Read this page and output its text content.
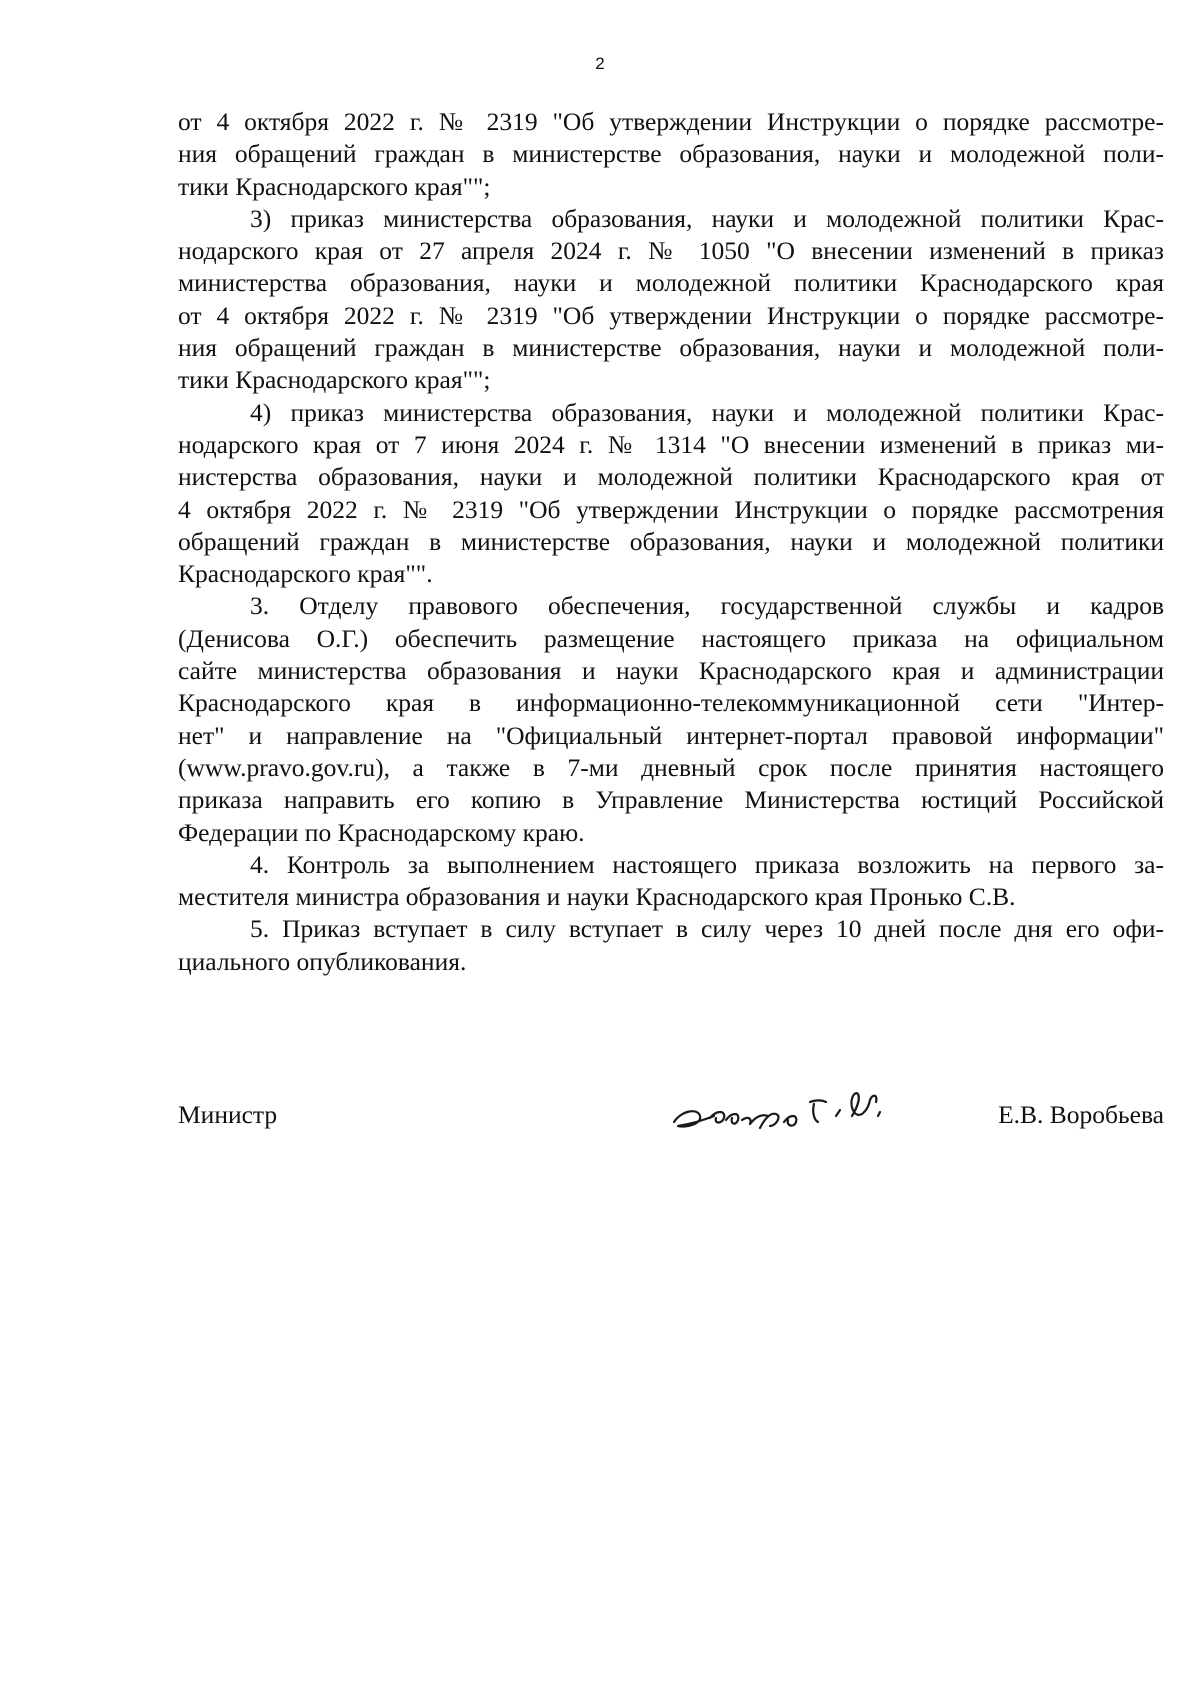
2
от 4 октября 2022 г. № 2319 "Об утверждении Инструкции о порядке рассмотре-
ния обращений граждан в министерстве образования, науки и молодежной поли-
тики Краснодарского края"";
3) приказ министерства образования, науки и молодежной политики Крас-
нодарского края от 27 апреля 2024 г. № 1050 "О внесении изменений в приказ
министерства образования, науки и молодежной политики Краснодарского края
от 4 октября 2022 г. № 2319 "Об утверждении Инструкции о порядке рассмотре-
ния обращений граждан в министерстве образования, науки и молодежной поли-
тики Краснодарского края"";
4) приказ министерства образования, науки и молодежной политики Крас-
нодарского края от 7 июня 2024 г. № 1314 "О внесении изменений в приказ ми-
нистерства образования, науки и молодежной политики Краснодарского края от
4 октября 2022 г. № 2319 "Об утверждении Инструкции о порядке рассмотрения
обращений граждан в министерстве образования, науки и молодежной политики
Краснодарского края"".
3. Отделу правового обеспечения, государственной службы и кадров
(Денисова О.Г.) обеспечить размещение настоящего приказа на официальном
сайте министерства образования и науки Краснодарского края и администрации
Краснодарского края в информационно-телекоммуникационной сети "Интер-
нет" и направление на "Официальный интернет-портал правовой информации"
(www.pravo.gov.ru), а также в 7-ми дневный срок после принятия настоящего
приказа направить его копию в Управление Министерства юстиций Российской
Федерации по Краснодарскому краю.
4. Контроль за выполнением настоящего приказа возложить на первого за-
местителя министра образования и науки Краснодарского края Пронько С.В.
5. Приказ вступает в силу вступает в силу через 10 дней после дня его офи-
циального опубликования.
Министр	Е.В. Воробьева
